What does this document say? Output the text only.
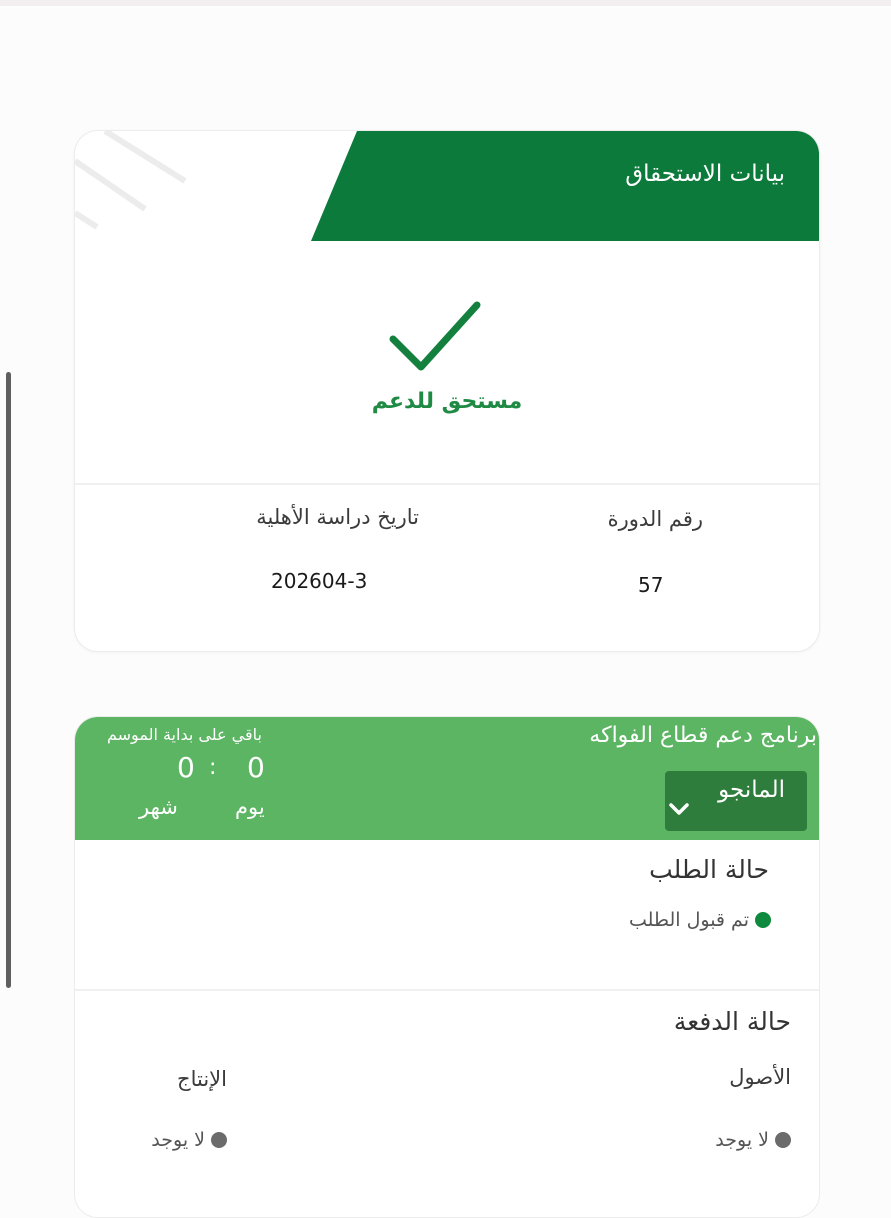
بيانات الاستحقاق
مستحق للدعم
رقم الدورة
57
تاريخ دراسة الأهلية
202604-3
برنامج دعم قطاع الفواكه
المانجو
باقي على بداية الموسم
0
:
0
يوم
شهر
حالة الطلب
تم قبول الطلب
حالة الدفعة
الأصول
لا يوجد
الإنتاج
لا يوجد
